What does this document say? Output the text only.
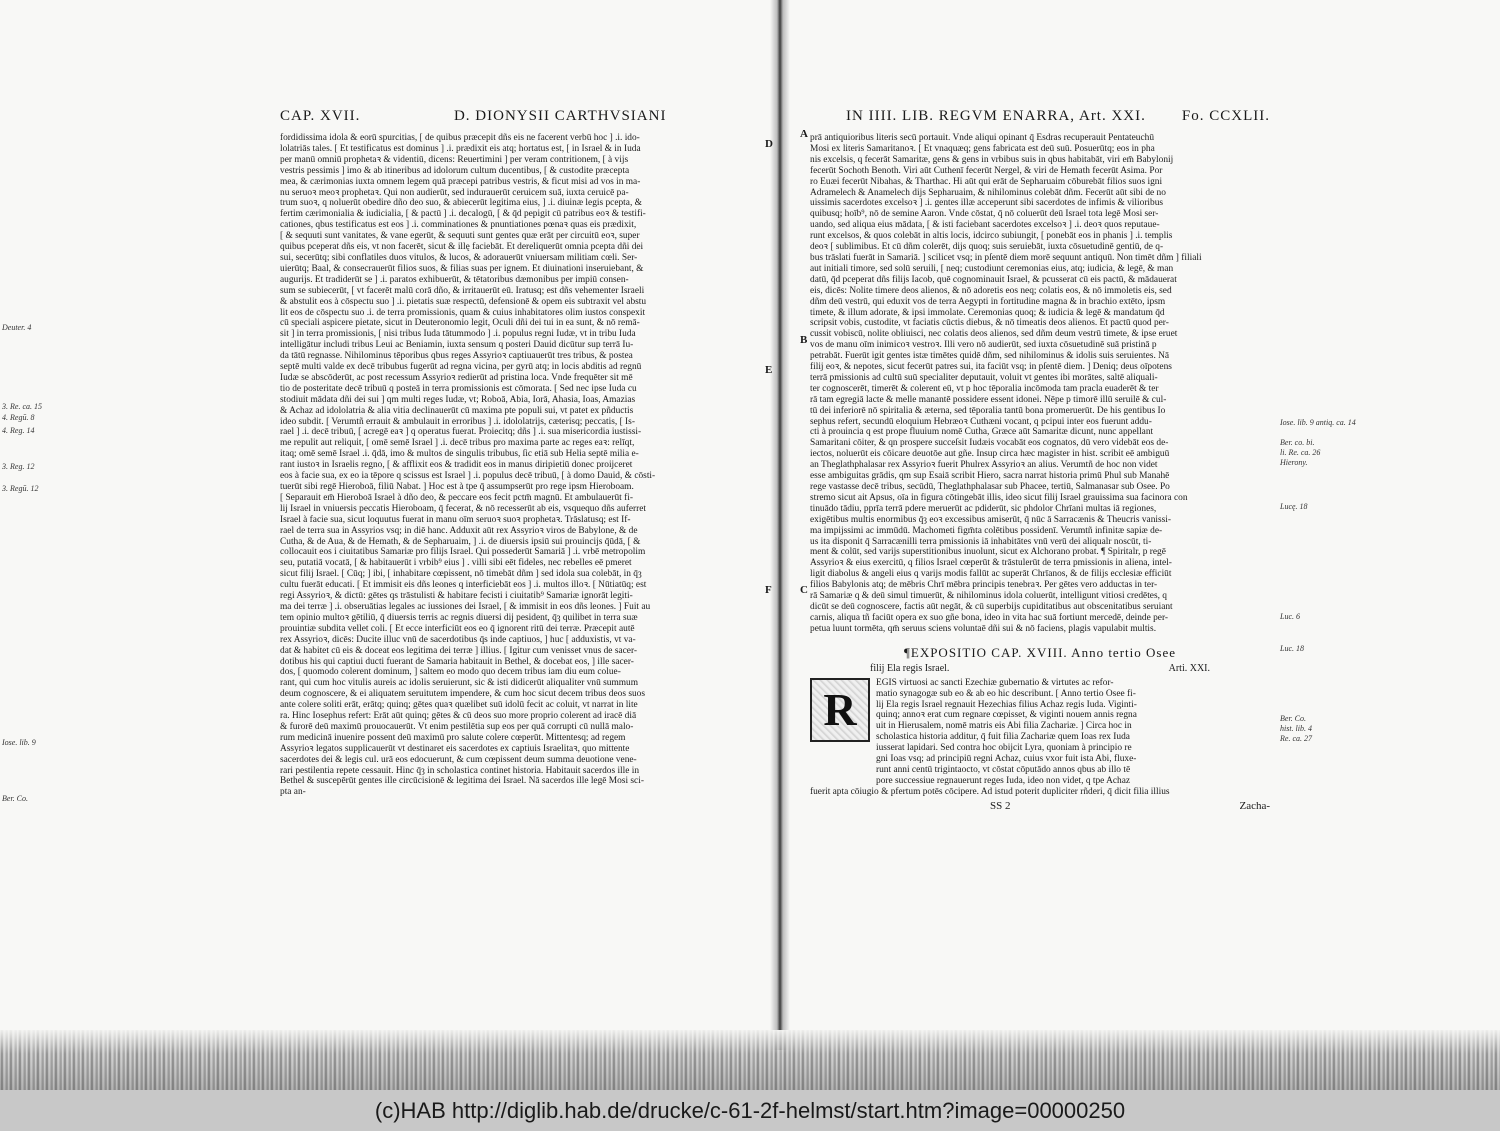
CAP. XVII.	D. DIONYSII CARTHVSIANI

fordidissima idola & eorū spurcitias, [ de quibus præcepit dñs eis ne facerent verbū hoc ] .i. ido-

lolatriās tales. [ Et testificatus est dominus ] .i. prædixit eis atq; hortatus est, [ in Israel & in Iuda

per manū omniū prophetaꝛ & videntiū, dicens: Reuertimini ] per veram contritionem, [ à vijs

vestris pessimis ] imo & ab itineribus ad idolorum cultum ducentibus, [ & custodite præcepta

mea, & cærimonias iuxta omnem legem quā præcepi patribus vestris, & ficut misi ad vos in ma-

nu seruoꝛ meoꝛ prophetaꝛ. Qui non audierūt, sed indurauerūt ceruicem suā, iuxta ceruicē pa-

trum suoꝛ, q noluerūt obedire dño deo suo, & abiecerūt legitima eius, ] .i. diuinæ legis pcepta, &

fertim cærimonialia & iudicialia, [ & pactū ] .i. decalogū, [ & q̄d pepigit cū patribus eoꝛ & testifi-

cationes, qbus testificatus est eos ] .i. comminationes & pnuntiationes pœnaꝛ quas eis prædixit,

[ & sequuti sunt vanitates, & vane egerūt, & sequuti sunt gentes quæ erāt per circuitū eoꝛ, super

quibus pceperat dñs eis, vt non facerēt, sicut & illę faciebāt. Et dereliquerūt omnia pcepta dñi dei

sui, secerūtq; sibi conflatiles duos vitulos, & lucos, & adorauerūt vniuersam militiam cœli. Ser-

uierūtq; Baal, & consecrauerūt filios suos, & filias suas per ignem. Et diuinationi inseruiebant, &

augurijs. Et tradiderūt se ] .i. paratos exhibuerūt, & tētatoribus dæmonibus per impiū consen-

sum se subiecerūt, [ vt facerēt malū corā dño, & irritauerūt eū. Iratusq; est dñs vehementer Israeli

& abstulit eos à cōspectu suo ] .i. pietatis suæ respectū, defensionē & opem eis subtraxit vel abstu

lit eos de cōspectu suo .i. de terra promissionis, quam & cuius inhabitatores olim iustos conspexit

cū speciali aspicere pietate, sicut in Deuteronomio legit, Oculi dñi dei tui in ea sunt, & nō remā-

sit ] in terra promissionis, [ nisi tribus Iuda tātummodo ] .i. populus regni Iudæ, vt in tribu Iuda

intelligātur includi tribus Leui ac Beniamin, iuxta sensum q posteri Dauid dicūtur sup terrā Iu-

da tātū regnasse. Nihilominus tēporibus qbus reges Assyrioꝛ captiuauerūt tres tribus, & postea

septē multi valde ex decē tribubus fugerūt ad regna vicina, per gyrū atq; in locis abditis ad regnū

Iudæ se abscōderūt, ac post recessum Assyrioꝛ redierūt ad pristina loca. Vnde frequēter sit mē

tio de posteritate decē tribuū q posteā in terra promissionis est cōmorata. [ Sed nec ipse Iuda cu

stodiuit mādata dñi dei sui ] qm multi reges Iudæ, vt; Roboā, Abia, Iorā, Ahasia, Ioas, Amazias

& Achaz ad idololatria & alia vitia declinauerūt cū maxima pte populi sui, vt patet ex pñductis

ideo subdit. [ Verumtñ errauit & ambulauit in erroribus ] .i. idololatrijs, cæterisq; peccatis, [ Is-

rael ] .i. decē tribuū, [ acregē eaꝛ ] q operatus fuerat. Proiecitq; dñs ] .i. sua misericordia iustissi-

me repulit aut reliquit, [ omē semē Israel ] .i. decē tribus pro maxima parte ac reges eaꝛ: relīqt,

itaq; omē semē Israel .i. q̄dā, imo & multos de singulis tribubus, ſic etiā sub Helia septē milia e-

rant iustoꝛ in Israelis regno, [ & afflixit eos & tradidit eos in manus diripietiū donec proijceret

eos à facie sua, ex eo ia tēpore q scissus est Israel ] .i. populus decē tribuū, [ à domo Dauid, & cōsti-

tuerūt sibi regē Hieroboā, filiū Nabat. ] Hoc est à tpe q̄ assumpserūt pro rege ipsm Hieroboam.

[ Separauit em̄ Hieroboā Israel à dño deo, & peccare eos fecit pctm̄ magnū. Et ambulauerūt fi-

lij Israel in vniuersis peccatis Hieroboam, q̄ fecerat, & nō recesserūt ab eis, vsquequo dñs auferret

Israel à facie sua, sicut loquutus fuerat in manu oīm seruoꝛ suoꝛ prophetaꝛ. Trāslatusq; est If-

rael de terra sua in Assyrios vsq; in diē hanc. Adduxit aūt rex Assyrioꝛ viros de Babylone, & de

Cutha, & de Aua, & de Hemath, & de Sepharuaim, ] .i. de diuersis ipsiū sui prouincijs q̄ūdā, [ &

collocauit eos i ciuitatibus Samariæ pro filijs Israel. Qui possederūt Samariā ] .i. vrbē metropolim

seu, putatiā vocatā, [ & habitauerūt i vrbib⁹ eius ] . villi sibi eēt fideles, nec rebelles eē pmeret

sicut filij Israel. [ Cūq; ] ibi, [ inhabitare cœpissent, nō timebāt dñm ] sed idola sua colebāt, in q̄ȝ

cultu fuerāt educati. [ Et immisit eis dñs leones q interficiebāt eos ] .i. multos illoꝛ. [ Nūtiatūq; est

regi Assyrioꝛ, & dictū: gētes qs trāstulisti & habitare fecisti i ciuitatib⁹ Samariæ ignorāt legiti-

ma dei terræ ] .i. obseruātias legales ac iussiones dei Israel, [ & immisit in eos dñs leones. ] Fuit au

tem opinio multoꝛ gētiliū, q̄ diuersis terris ac regnis diuersi dij pesident, q̄ȝ quilibet in terra suæ

prouintiæ subdita vellet coli. [ Et ecce interficiūt eos eo q̄ ignorent ritū dei terræ. Præcepit autē

rex Assyrioꝛ, dicēs: Ducite illuc vnū de sacerdotibus q̄s inde captiuos, ] huc [ adduxistis, vt va-

dat & habitet cū eis & doceat eos legitima dei terræ ] illius. [ Igitur cum venisset vnus de sacer-

dotibus his qui captiui ducti fuerant de Samaria habitauit in Bethel, & docebat eos, ] ille sacer-

dos, [ quomodo colerent dominum, ] saltem eo modo quo decem tribus iam diu eum colue-

rant, qui cum hoc vitulis aureis ac idolis seruierunt, sic & isti didicerūt aliqualiter vnū summum

deum cognoscere, & ei aliquatem seruitutem impendere, & cum hoc sicut decem tribus deos suos

ante colere soliti erāt, erātq; quinq; gētes quaꝛ quælibet suū idolū fecit ac coluit, vt narrat in lite

ra. Hinc Iosephus refert: Erāt aūt quinq; gētes & cū deos suo more proprio colerent ad iracē diā

& furorē deū maximū prouocauerūt. Vt enim pestilētia sup eos per quā corrupti cū nullā malo-

rum medicinā inuenire possent deū maximū pro salute colere cœperūt. Mittentesq; ad regem

Assyrioꝛ legatos supplicauerūt vt destinaret eis sacerdotes ex captiuis Israelitaꝛ, quo mittente

sacerdotes dei & legis cul. urā eos edocuerunt, & cum cœpissent deum summa deuotione vene-

rari pestilentia repete cessauit. Hinc q̄ȝ in scholastica continet historia. Habitauit sacerdos ille in

Bethel & suscepērūt gentes ille circūcisionē & legitima dei Israel. Nā sacerdos ille legē Mosi sci-

pta an-

Deuter. 4
3. Re. ca. 15
4. Regū. 8
4. Reg. 14
3. Reg. 12
3. Regū. 12
Iose. lib. 9
Ber. Co.
D
E
F
IN IIII. LIB. REGVM ENARRA, Art. XXI.	Fo. CCXLII.

prā antiquioribus literis secū portauit. Vnde aliqui opinant q̄ Esdras recuperauit Pentateuchū

Mosi ex literis Samaritanoꝛ. [ Et vnaquæq; gens fabricata est deū suū. Posuerūtq; eos in pha

nis excelsis, q fecerāt Samaritæ, gens & gens in vrbibus suis in qbus habitabāt, viri em̄ Babylonij

fecerūt Sochoth Benoth. Viri aūt Cuthenī fecerūt Nergel, & viri de Hemath fecerūt Asima. Por

ro Euæi fecerūt Nibahas, & Tharthac. Hi aūt qui erāt de Sepharuaim cōburebāt filios suos igni

Adramelech & Anamelech dijs Sepharuaim, & nihilominus colebāt dñm. Fecerūt aūt sibi de no

uissimis sacerdotes excelsoꝛ ] .i. gentes illæ acceperunt sibi sacerdotes de infimis & vilioribus

quibusq; hoīb⁹, nō de semine Aaron. Vnde cōstat, q̄ nō coluerūt deū Israel tota legē Mosi ser-

uando, sed aliqua eius mādata, [ & isti faciebant sacerdotes excelsoꝛ ] .i. deoꝛ quos reputaue-

runt excelsos, & quos colebāt in altis locis, idcirco subiungit, [ ponebāt eos in phanis ] .i. templis

deoꝛ [ sublimibus. Et cū dñm colerēt, dijs quoq; suis seruiebāt, iuxta cōsuetudinē gentiū, de q-

bus trāslati fuerāt in Samariā. ] scilicet vsq; in pſentē diem morē sequunt antiquū. Non timēt dñm ] filiali

aut initiali timore, sed solū seruili, [ neq; custodiunt ceremonias eius, atq; iudicia, & legē, & man

datū, q̄d pceperat dñs filijs Iacob, quē cognominauit Israel, & pcusserat cū eis pactū, & mādauerat

eis, dicēs: Nolite timere deos alienos, & nō adoretis eos neq; colatis eos, & nō immoletis eis, sed

dñm deū vestrū, qui eduxit vos de terra Aegypti in fortitudine magna & in brachio extēto, ipsm

timete, & illum adorate, & ipsi immolate. Ceremonias quoq; & iudicia & legē & mandatum q̄d

scripsit vobis, custodite, vt faciatis cūctis diebus, & nō timeatis deos alienos. Et pactū quod per-

cussit vobiscū, nolite obliuisci, nec colatis deos alienos, sed dñm deum vestrū timete, & ipse eruet

vos de manu oīm inimicoꝛ vestroꝛ. Illi vero nō audierūt, sed iuxta cōsuetudinē suā pristinā p

petrabāt. Fuerūt igit gentes istæ timētes quidē dñm, sed nihilominus & idolis suis seruientes. Nā

filij eoꝛ, & nepotes, sicut fecerūt patres sui, ita faciūt vsq; in pſentē diem. ] Deniq; deus oīpotens

terrā pmissionis ad cultū suū specialiter deputauit, voluit vt gentes ibi morātes, saltē aliquali-

ter cognoscerēt, timerēt & colerent eū, vt p hoc tēporalia incōmoda tam pracla euaderēt & ter

rā tam egregiā lacte & melle manantē possidere essent idonei. Nēpe p timorē illū seruilē & cul-

tū dei inferiorē nō spiritalia & æterna, sed tēporalia tantū bona promeruerūt. De his gentibus Io

sephus refert, secundū eloquium Hebræoꝛ Cuthæni vocant, q pcipui inter eos fuerunt addu-

cti à prouincia q est prope fluuium nomē Cutha, Græce aūt Samaritæ dicunt, nunc appellant

Samaritani cōiter, & qn prospere succeſsit Iudæis vocabāt eos cognatos, dū vero videbāt eos de-

iectos, noluerūt eis cōicare deuotōe aut gñe. Insup circa hæc magister in hist. scribit eē ambiguū

an Theglathphalasar rex Assyrioꝛ fuerit Phulrex Assyrioꝛ an alius. Verumtñ de hoc non videt

esse ambiguitas grādis, qm sup Esaiā scribit Hiero, sacra narrat historia primū Phul sub Manahē

rege vastasse decē tribus, secūdū, Theglathphalasar sub Phacee, tertiū, Salmanasar sub Osee. Po

stremo sicut ait Apsus, oīa in figura cōtingebāt illis, ideo sicut filij Israel grauissima sua facinora con

tinuādo tādiu, pprīa terrā pdere meruerūt ac pdiderūt, sic phdolor Chrīani multas iā regiones,

exigētibus multis enormibus q̄ȝ eoꝛ excessibus amiserūt, q̄ nūc ā Sarracænis & Theucris vanissi-

ma impijssimi ac immūdū. Machometi figm̄ta colētibus possidenī. Verumtñ infinitæ sapiæ de-

us ita disponit q̄ Sarracænilli terra pmissionis iā inhabitātes vnū verū dei aliqualr noscūt, ti-

ment & colūt, sed varijs superstitionibus inuolunt, sicut ex Alchorano probat. ¶ Spiritalr, p regē

Assyrioꝛ & eius exercitū, q filios Israel cœperūt & trāstulerūt de terra pmissionis in aliena, intel-

ligit diabolus & angeli eius q varijs modis fallūt ac superāt Chrīanos, & de filijs ecclesiæ efficiūt

filios Babylonis atq; de mēbris Chrī mēbra principis tenebraꝛ. Per gētes vero adductas in ter-

rā Samariæ q & deū simul timuerūt, & nihilominus idola coluerūt, intelligunt vitiosi credētes, q

dicūt se deū cognoscere, factis aūt negāt, & cū superbijs cupiditatibus aut obscenitatibus seruiant

carnis, aliqua tñ faciūt opera ex suo gñe bona, ideo in vita hac suā fortiunt mercedē, deinde per-

petua luunt tormēta, qm̄ seruus sciens voluntaē dñi sui & nō faciens, plagis vapulabit multis.

¶EXPOSITIO CAP. XVIII. Anno tertio Osee
filij Ela regis Israel.	Arti. XXI.
R

EGIS virtuosi ac sancti Ezechiæ gubernatio & virtutes ac refor-

matio synagogæ sub eo & ab eo hic describunt. [ Anno tertio Osee fi-

lij Ela regis Israel regnauit Hezechias filius Achaz regis Iuda. Viginti-

quinq; annoꝛ erat cum regnare cœpisset, & viginti nouem annis regna

uit in Hierusalem, nomē matris eis Abi filia Zachariæ. ] Circa hoc in

scholastica historia additur, q̄ fuit filia Zachariæ quem Ioas rex Iuda

iusserat lapidari. Sed contra hoc obijcit Lyra, quoniam à principio re

gni Ioas vsq; ad principiū regni Achaz, cuius vxor fuit ista Abi, fluxe-

runt anni centū trigintaocto, vt cōstat cōputādo annos qbus ab illo tē

pore successiue regnauerunt reges Iuda, ideo non videt, q tpe Achaz

fuerit apta cōiugio & pfertum potēs cōcipere. Ad istud poterit dupliciter rñderi, q̄ dicit filia illius

SS 2	Zacha-
Iose. lib. 9 antiq. ca. 14
Ber. co. bi.
li. Re. ca. 26
Hierony.
Lucę. 18
Luc. 6
Luc. 18
Ber. Co.
hist. lib. 4
Re. ca. 27
A
B
C
(c)HAB http://diglib.hab.de/drucke/c-61-2f-helmst/start.htm?image=00000250
